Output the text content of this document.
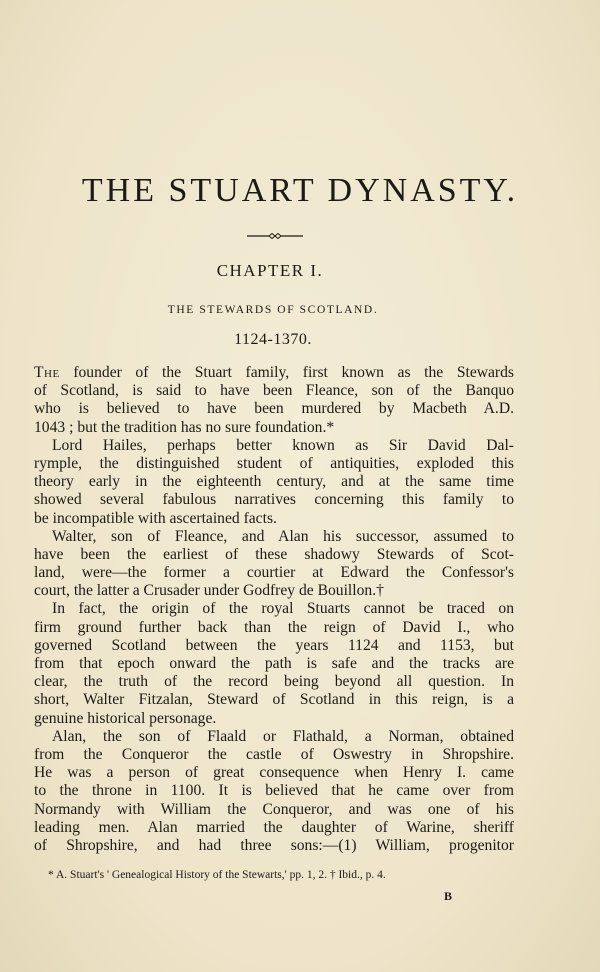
THE STUART DYNASTY.
CHAPTER I.
THE STEWARDS OF SCOTLAND.
1124-1370.
The founder of the Stuart family, first known as the Stewards
of Scotland, is said to have been Fleance, son of the Banquo
who is believed to have been murdered by Macbeth A.D.
1043 ; but the tradition has no sure foundation.*
Lord Hailes, perhaps better known as Sir David Dal-
rymple, the distinguished student of antiquities, exploded this
theory early in the eighteenth century, and at the same time
showed several fabulous narratives concerning this family to
be incompatible with ascertained facts.
Walter, son of Fleance, and Alan his successor, assumed to
have been the earliest of these shadowy Stewards of Scot-
land, were—the former a courtier at Edward the Confessor's
court, the latter a Crusader under Godfrey de Bouillon.†
In fact, the origin of the royal Stuarts cannot be traced on
firm ground further back than the reign of David I., who
governed Scotland between the years 1124 and 1153, but
from that epoch onward the path is safe and the tracks are
clear, the truth of the record being beyond all question. In
short, Walter Fitzalan, Steward of Scotland in this reign, is a
genuine historical personage.
Alan, the son of Flaald or Flathald, a Norman, obtained
from the Conqueror the castle of Oswestry in Shropshire.
He was a person of great consequence when Henry I. came
to the throne in 1100. It is believed that he came over from
Normandy with William the Conqueror, and was one of his
leading men. Alan married the daughter of Warine, sheriff
of Shropshire, and had three sons:—(1) William, progenitor
* A. Stuart's ' Genealogical History of the Stewarts,' pp. 1, 2. † Ibid., p. 4.
B
